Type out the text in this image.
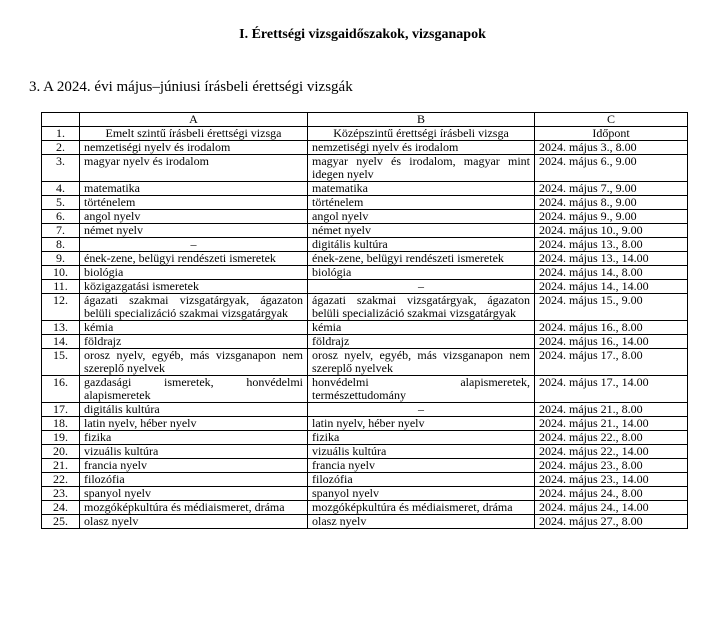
I. Érettségi vizsgaidőszakok, vizsganapok
3. A 2024. évi május–júniusi írásbeli érettségi vizsgák
	A	B	C
1.	Emelt szintű írásbeli érettségi vizsga	Középszintű érettségi írásbeli vizsga	Időpont
2.	nemzetiségi nyelv és irodalom	nemzetiségi nyelv és irodalom	2024. május 3., 8.00
3.	magyar nyelv és irodalom	magyar nyelv és irodalom, magyar mint idegen nyelv	2024. május 6., 9.00
4.	matematika	matematika	2024. május 7., 9.00
5.	történelem	történelem	2024. május 8., 9.00
6.	angol nyelv	angol nyelv	2024. május 9., 9.00
7.	német nyelv	német nyelv	2024. május 10., 9.00
8.	–	digitális kultúra	2024. május 13., 8.00
9.	ének-zene, belügyi rendészeti ismeretek	ének-zene, belügyi rendészeti ismeretek	2024. május 13., 14.00
10.	biológia	biológia	2024. május 14., 8.00
11.	közigazgatási ismeretek	–	2024. május 14., 14.00
12.	ágazati szakmai vizsgatárgyak, ágazaton belüli specializáció szakmai vizsgatárgyak	ágazati szakmai vizsgatárgyak, ágazaton belüli specializáció szakmai vizsgatárgyak	2024. május 15., 9.00
13.	kémia	kémia	2024. május 16., 8.00
14.	földrajz	földrajz	2024. május 16., 14.00
15.	orosz nyelv, egyéb, más vizsganapon nem szereplő nyelvek	orosz nyelv, egyéb, más vizsganapon nem szereplő nyelvek	2024. május 17., 8.00
16.	gazdasági ismeretek, honvédelmi alapismeretek	honvédelmi alapismeretek, természettudomány	2024. május 17., 14.00
17.	digitális kultúra	–	2024. május 21., 8.00
18.	latin nyelv, héber nyelv	latin nyelv, héber nyelv	2024. május 21., 14.00
19.	fizika	fizika	2024. május 22., 8.00
20.	vizuális kultúra	vizuális kultúra	2024. május 22., 14.00
21.	francia nyelv	francia nyelv	2024. május 23., 8.00
22.	filozófia	filozófia	2024. május 23., 14.00
23.	spanyol nyelv	spanyol nyelv	2024. május 24., 8.00
24.	mozgóképkultúra és médiaismeret, dráma	mozgóképkultúra és médiaismeret, dráma	2024. május 24., 14.00
25.	olasz nyelv	olasz nyelv	2024. május 27., 8.00
